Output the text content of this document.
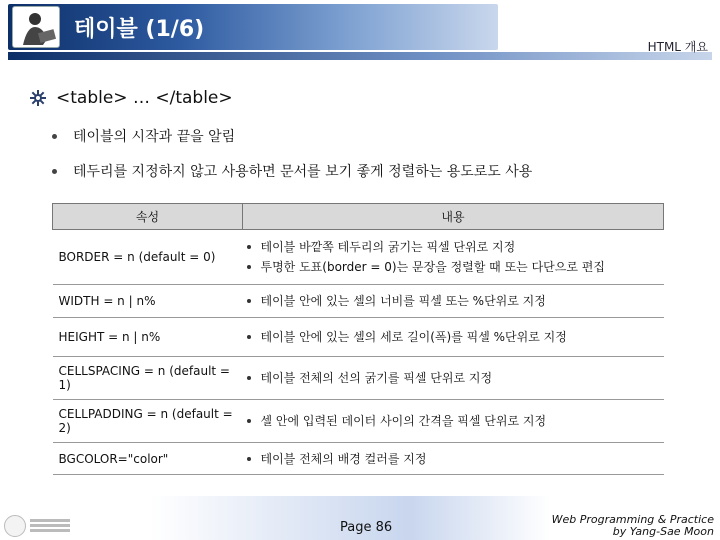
테이블 (1/6)
HTML 개요
<table> … </table>
테이블의 시작과 끝을 알림
테두리를 지정하지 않고 사용하면 문서를 보기 좋게 정렬하는 용도로도 사용
속성	내용
BORDER = n (default = 0)	테이블 바깥쪽 테두리의 굵기는 픽셀 단위로 지정
투명한 도표(border = 0)는 문장을 정렬할 때 또는 다단으로 편집

WIDTH = n | n%	테이블 안에 있는 셀의 너비를 픽셀 또는 %단위로 지정

HEIGHT = n | n%	테이블 안에 있는 셀의 세로 길이(폭)를 픽셀 %단위로 지정

CELLSPACING = n (default = 1)	테이블 전체의 선의 굵기를 픽셀 단위로 지정

CELLPADDING = n (default = 2)	셀 안에 입력된 데이터 사이의 간격을 픽셀 단위로 지정

BGCOLOR="color"	테이블 전체의 배경 컬러를 지정
Page 86
Web Programming & Practice
by Yang-Sae Moon
